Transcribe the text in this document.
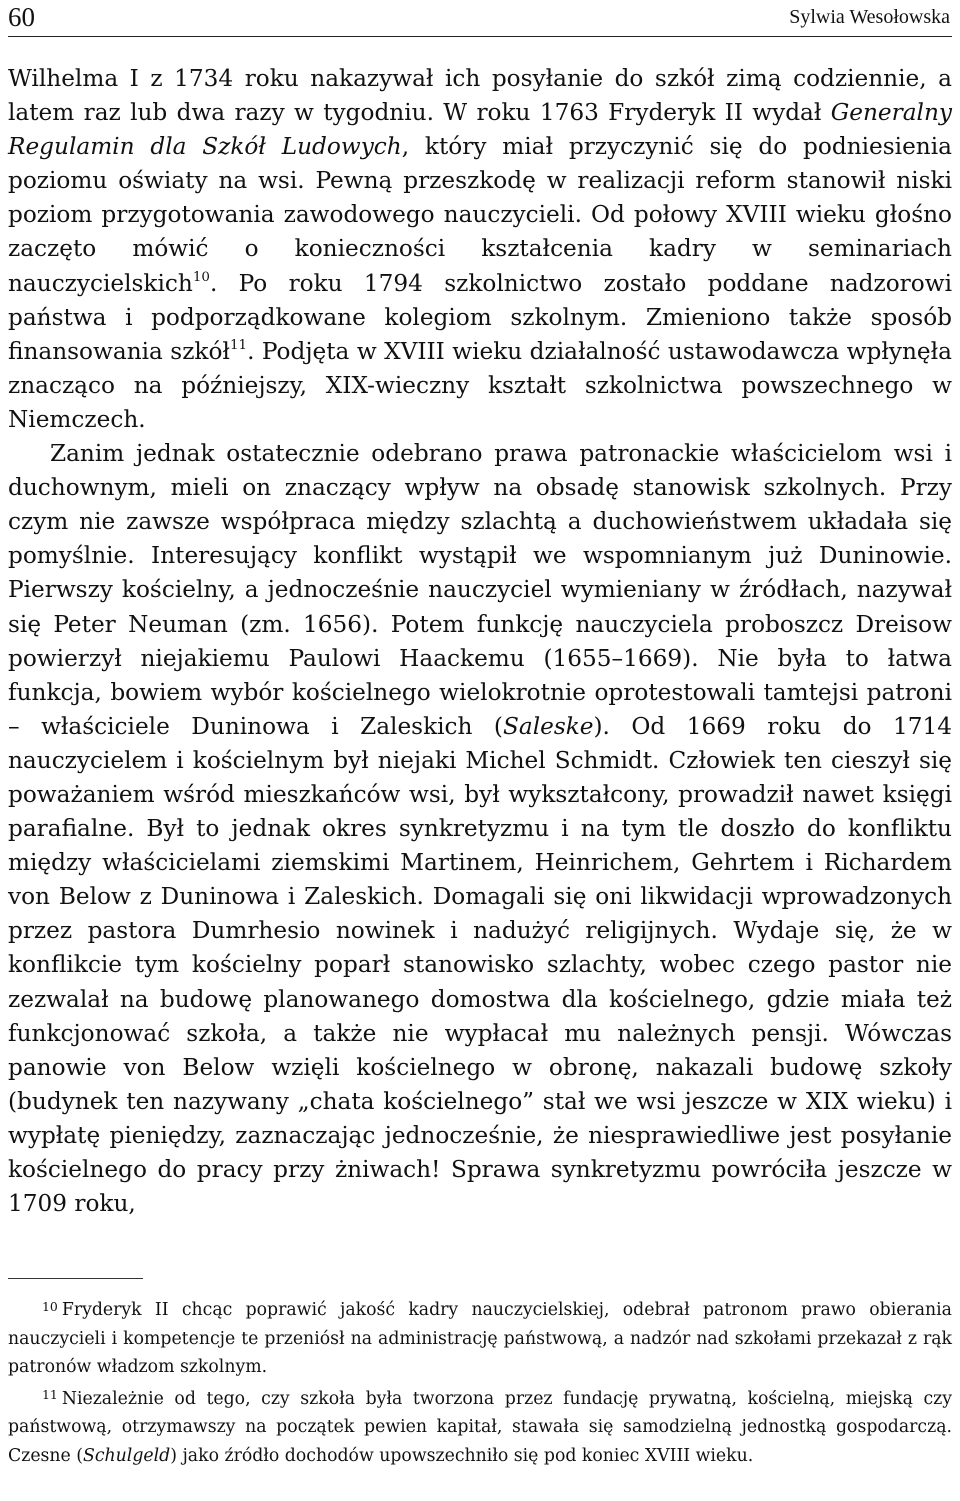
60	Sylwia Wesołowska

Wilhelma I z 1734 roku nakazywał ich posyłanie do szkół zimą codziennie, a latem raz lub dwa razy w tygodniu. W roku 1763 Fryderyk II wydał Generalny Regulamin dla Szkół Ludowych, który miał przyczynić się do podniesienia poziomu oświaty na wsi. Pewną przeszkodę w realizacji reform stanowił niski poziom przygotowania zawodowego nauczycieli. Od połowy XVIII wieku głośno zaczęto mówić o konieczności kształcenia kadry w seminariach nauczycielskich$^{10}$. Po roku 1794 szkolnictwo zostało poddane nadzorowi państwa i podporządkowane kolegiom szkolnym. Zmieniono także sposób finansowania szkół$^{11}$. Podjęta w XVIII wieku działalność ustawodawcza wpłynęła znacząco na późniejszy, XIX-wieczny kształt szkolnictwa powszechnego w Niemczech.

Zanim jednak ostatecznie odebrano prawa patronackie właścicielom wsi i duchownym, mieli on znaczący wpływ na obsadę stanowisk szkolnych. Przy czym nie zawsze współpraca między szlachtą a duchowieństwem układała się pomyślnie. Interesujący konflikt wystąpił we wspomnianym już Duninowie. Pierwszy kościelny, a jednocześnie nauczyciel wymieniany w źródłach, nazywał się Peter Neuman (zm. 1656). Potem funkcję nauczyciela proboszcz Dreisow powierzył niejakiemu Paulowi Haackemu (1655–1669). Nie była to łatwa funkcja, bowiem wybór kościelnego wielokrotnie oprotestowali tamtejsi patroni – właściciele Duninowa i Zaleskich (Saleske). Od 1669 roku do 1714 nauczycielem i kościelnym był niejaki Michel Schmidt. Człowiek ten cieszył się poważaniem wśród mieszkańców wsi, był wykształcony, prowadził nawet księgi parafialne. Był to jednak okres synkretyzmu i na tym tle doszło do konfliktu między właścicielami ziemskimi Martinem, Heinrichem, Gehrtem i Richardem von Below z Duninowa i Zaleskich. Domagali się oni likwidacji wprowadzonych przez pastora Dumrhesio nowinek i nadużyć religijnych. Wydaje się, że w konflikcie tym kościelny poparł stanowisko szlachty, wobec czego pastor nie zezwalał na budowę planowanego domostwa dla kościelnego, gdzie miała też funkcjonować szkoła, a także nie wypłacał mu należnych pensji. Wówczas panowie von Below wzięli kościelnego w obronę, nakazali budowę szkoły (budynek ten nazywany „chata kościelnego” stał we wsi jeszcze w XIX wieku) i wypłatę pieniędzy, zaznaczając jednocześnie, że niesprawiedliwe jest posyłanie kościelnego do pracy przy żniwach! Sprawa synkretyzmu powróciła jeszcze w 1709 roku,

$^{10}$ Fryderyk II chcąc poprawić jakość kadry nauczycielskiej, odebrał patronom prawo obierania nauczycieli i kompetencje te przeniósł na administrację państwową, a nadzór nad szkołami przekazał z rąk patronów władzom szkolnym.

$^{11}$ Niezależnie od tego, czy szkoła była tworzona przez fundację prywatną, kościelną, miejską czy państwową, otrzymawszy na początek pewien kapitał, stawała się samodzielną jednostką gospodarczą. Czesne (Schulgeld) jako źródło dochodów upowszechniło się pod koniec XVIII wieku.
